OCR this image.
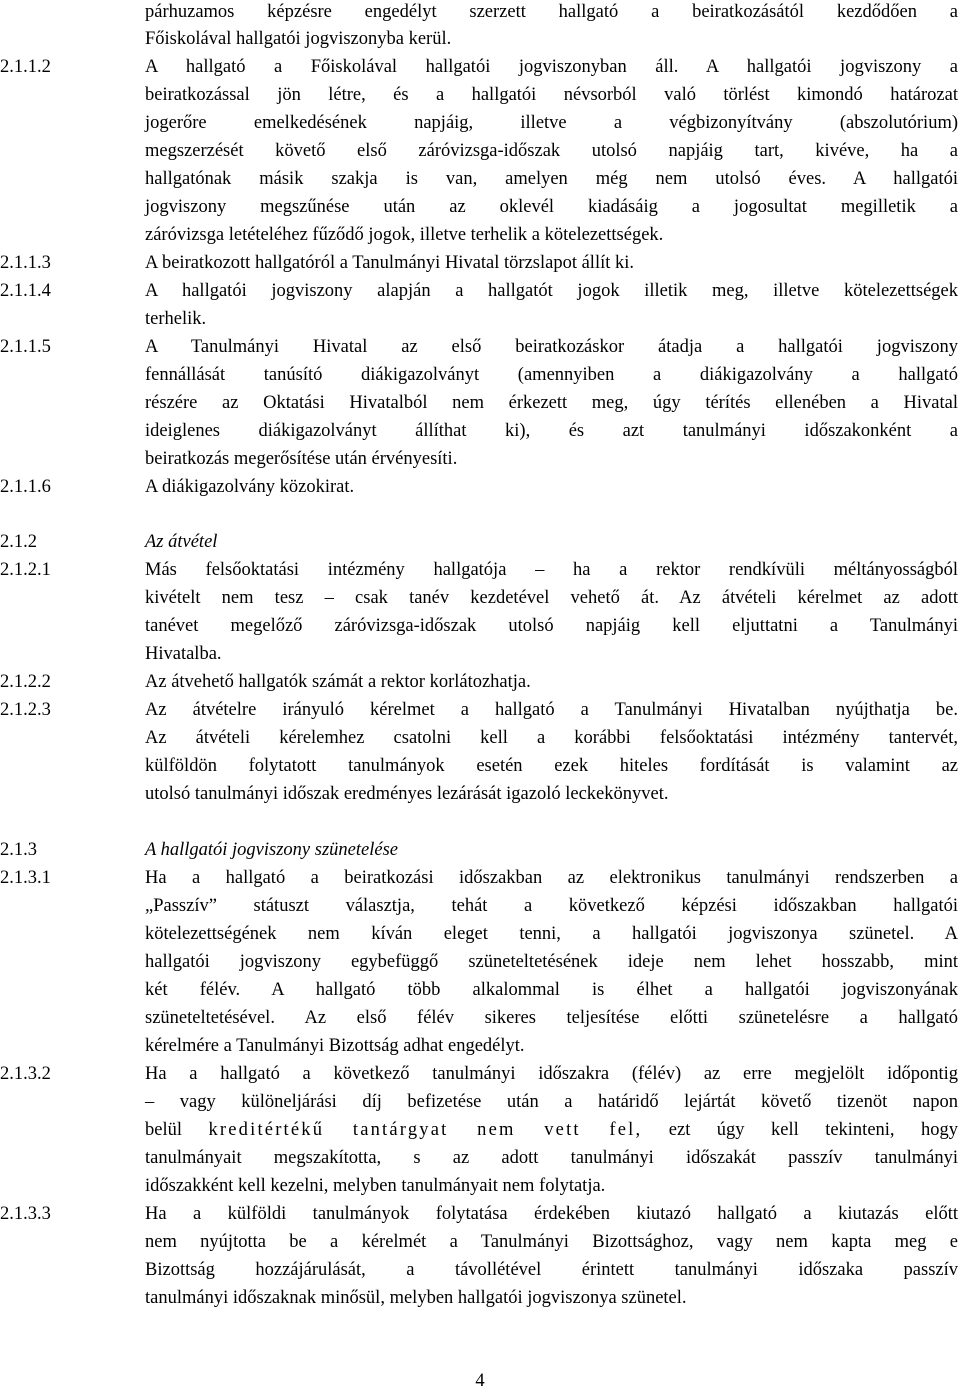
párhuzamos képzésre engedélyt szerzett hallgató a beiratkozásától kezdődően a
Főiskolával hallgatói jogviszonyba kerül.
2.1.1.2	A hallgató a Főiskolával hallgatói jogviszonyban áll. A hallgatói jogviszony a
beiratkozással jön létre, és a hallgatói névsorból való törlést kimondó határozat
jogerőre emelkedésének napjáig, illetve a végbizonyítvány (abszolutórium)
megszerzését követő első záróvizsga-időszak utolsó napjáig tart, kivéve, ha a
hallgatónak másik szakja is van, amelyen még nem utolsó éves. A hallgatói
jogviszony megszűnése után az oklevél kiadásáig a jogosultat megilletik a
záróvizsga letételéhez fűződő jogok, illetve terhelik a kötelezettségek.
2.1.1.3	A beiratkozott hallgatóról a Tanulmányi Hivatal törzslapot állít ki.
2.1.1.4	A hallgatói jogviszony alapján a hallgatót jogok illetik meg, illetve kötelezettségek
terhelik.
2.1.1.5	A Tanulmányi Hivatal az első beiratkozáskor átadja a hallgatói jogviszony
fennállását tanúsító diákigazolványt (amennyiben a diákigazolvány a hallgató
részére az Oktatási Hivatalból nem érkezett meg, úgy térítés ellenében a Hivatal
ideiglenes diákigazolványt állíthat ki), és azt tanulmányi időszakonként a
beiratkozás megerősítése után érvényesíti.
2.1.1.6	A diákigazolvány közokirat.
2.1.2	Az átvétel
2.1.2.1	Más felsőoktatási intézmény hallgatója – ha a rektor rendkívüli méltányosságból
kivételt nem tesz – csak tanév kezdetével vehető át. Az átvételi kérelmet az adott
tanévet megelőző záróvizsga-időszak utolsó napjáig kell eljuttatni a Tanulmányi
Hivatalba.
2.1.2.2	Az átvehető hallgatók számát a rektor korlátozhatja.
2.1.2.3	Az átvételre irányuló kérelmet a hallgató a Tanulmányi Hivatalban nyújthatja be.
Az átvételi kérelemhez csatolni kell a korábbi felsőoktatási intézmény tantervét,
külföldön folytatott tanulmányok esetén ezek hiteles fordítását is valamint az
utolsó tanulmányi időszak eredményes lezárását igazoló leckekönyvet.
2.1.3	A hallgatói jogviszony szünetelése
2.1.3.1	Ha a hallgató a beiratkozási időszakban az elektronikus tanulmányi rendszerben a
„Passzív” státuszt választja, tehát a következő képzési időszakban hallgatói
kötelezettségének nem kíván eleget tenni, a hallgatói jogviszonya szünetel. A
hallgatói jogviszony egybefüggő szüneteltetésének ideje nem lehet hosszabb, mint
két félév. A hallgató több alkalommal is élhet a hallgatói jogviszonyának
szüneteltetésével. Az első félév sikeres teljesítése előtti szünetelésre a hallgató
kérelmére a Tanulmányi Bizottság adhat engedélyt.
2.1.3.2	Ha a hallgató a következő tanulmányi időszakra (félév) az erre megjelölt időpontig
– vagy különeljárási díj befizetése után a határidő lejártát követő tizenöt napon
belül kreditértékű tantárgyat nem vett fel, ezt úgy kell tekinteni, hogy
tanulmányait megszakította, s az adott tanulmányi időszakát passzív tanulmányi
időszakként kell kezelni, melyben tanulmányait nem folytatja.
2.1.3.3	Ha a külföldi tanulmányok folytatása érdekében kiutazó hallgató a kiutazás előtt
nem nyújtotta be a kérelmét a Tanulmányi Bizottsághoz, vagy nem kapta meg e
Bizottság hozzájárulását, a távollétével érintett tanulmányi időszaka passzív
tanulmányi időszaknak minősül, melyben hallgatói jogviszonya szünetel.
4
